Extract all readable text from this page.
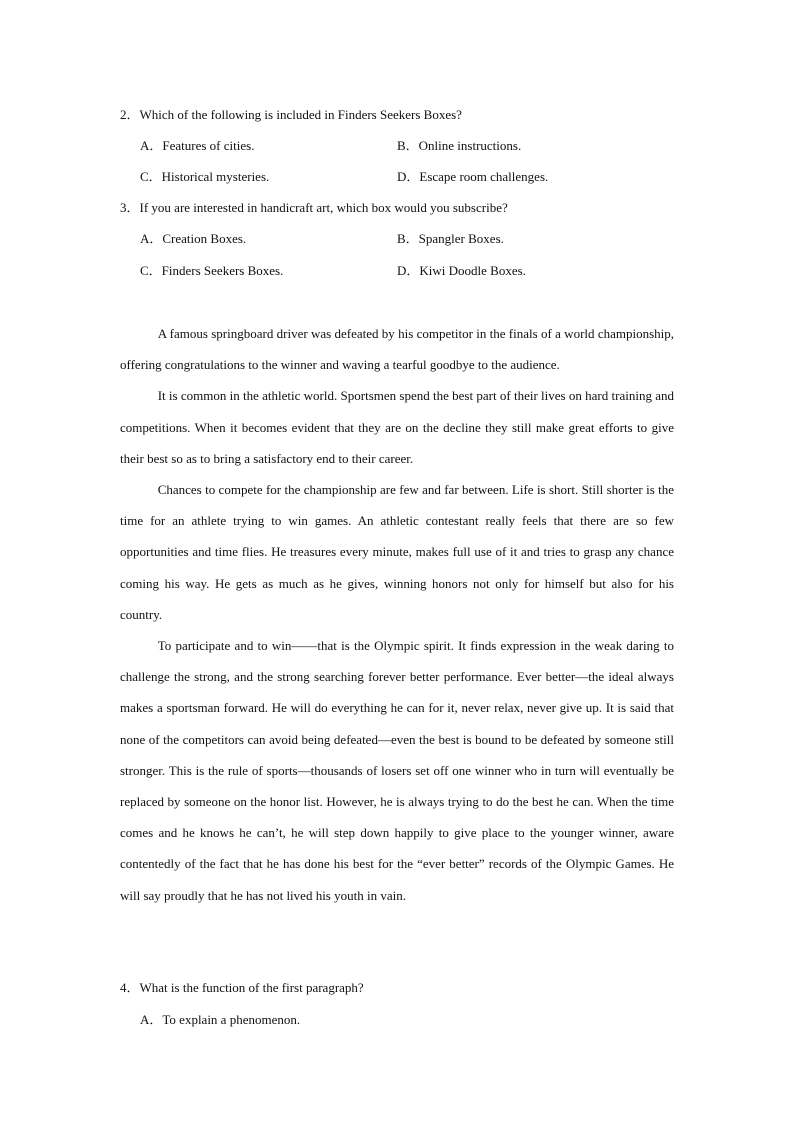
2．Which of the following is included in Finders Seekers Boxes?
A．Features of cities.	B．Online instructions.
C．Historical mysteries.	D．Escape room challenges.
3．If you are interested in handicraft art, which box would you subscribe?
A．Creation Boxes.	B．Spangler Boxes.
C．Finders Seekers Boxes.	D．Kiwi Doodle Boxes.

A famous springboard driver was defeated by his competitor in the finals of a world championship, offering congratulations to the winner and waving a tearful goodbye to the audience.

It is common in the athletic world. Sportsmen spend the best part of their lives on hard training and competitions. When it becomes evident that they are on the decline they still make great efforts to give their best so as to bring a satisfactory end to their career.

Chances to compete for the championship are few and far between. Life is short. Still shorter is the time for an athlete trying to win games. An athletic contestant really feels that there are so few opportunities and time flies. He treasures every minute, makes full use of it and tries to grasp any chance coming his way. He gets as much as he gives, winning honors not only for himself but also for his country.

To participate and to win——that is the Olympic spirit. It finds expression in the weak daring to challenge the strong, and the strong searching forever better performance. Ever better—the ideal always makes a sportsman forward. He will do everything he can for it, never relax, never give up. It is said that none of the competitors can avoid being defeated—even the best is bound to be defeated by someone still stronger. This is the rule of sports—thousands of losers set off one winner who in turn will eventually be replaced by someone on the honor list. However, he is always trying to do the best he can. When the time comes and he knows he can’t, he will step down happily to give place to the younger winner, aware contentedly of the fact that he has done his best for the “ever better” records of the Olympic Games. He will say proudly that he has not lived his youth in vain.

4．What is the function of the first paragraph?
A．To explain a phenomenon.
